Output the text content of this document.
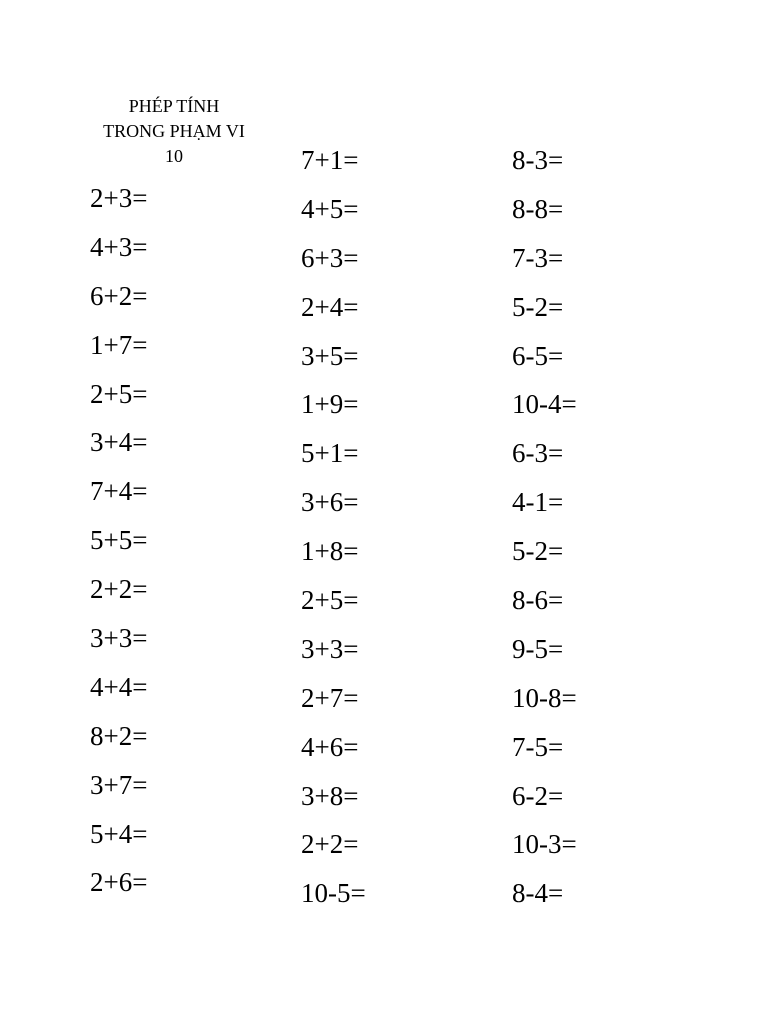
PHÉP TÍNH
TRONG PHẠM VI
10
2+3=
4+3=
6+2=
1+7=
2+5=
3+4=
7+4=
5+5=
2+2=
3+3=
4+4=
8+2=
3+7=
5+4=
2+6=
7+1=
4+5=
6+3=
2+4=
3+5=
1+9=
5+1=
3+6=
1+8=
2+5=
3+3=
2+7=
4+6=
3+8=
2+2=
10-5=
8-3=
8-8=
7-3=
5-2=
6-5=
10-4=
6-3=
4-1=
5-2=
8-6=
9-5=
10-8=
7-5=
6-2=
10-3=
8-4=
